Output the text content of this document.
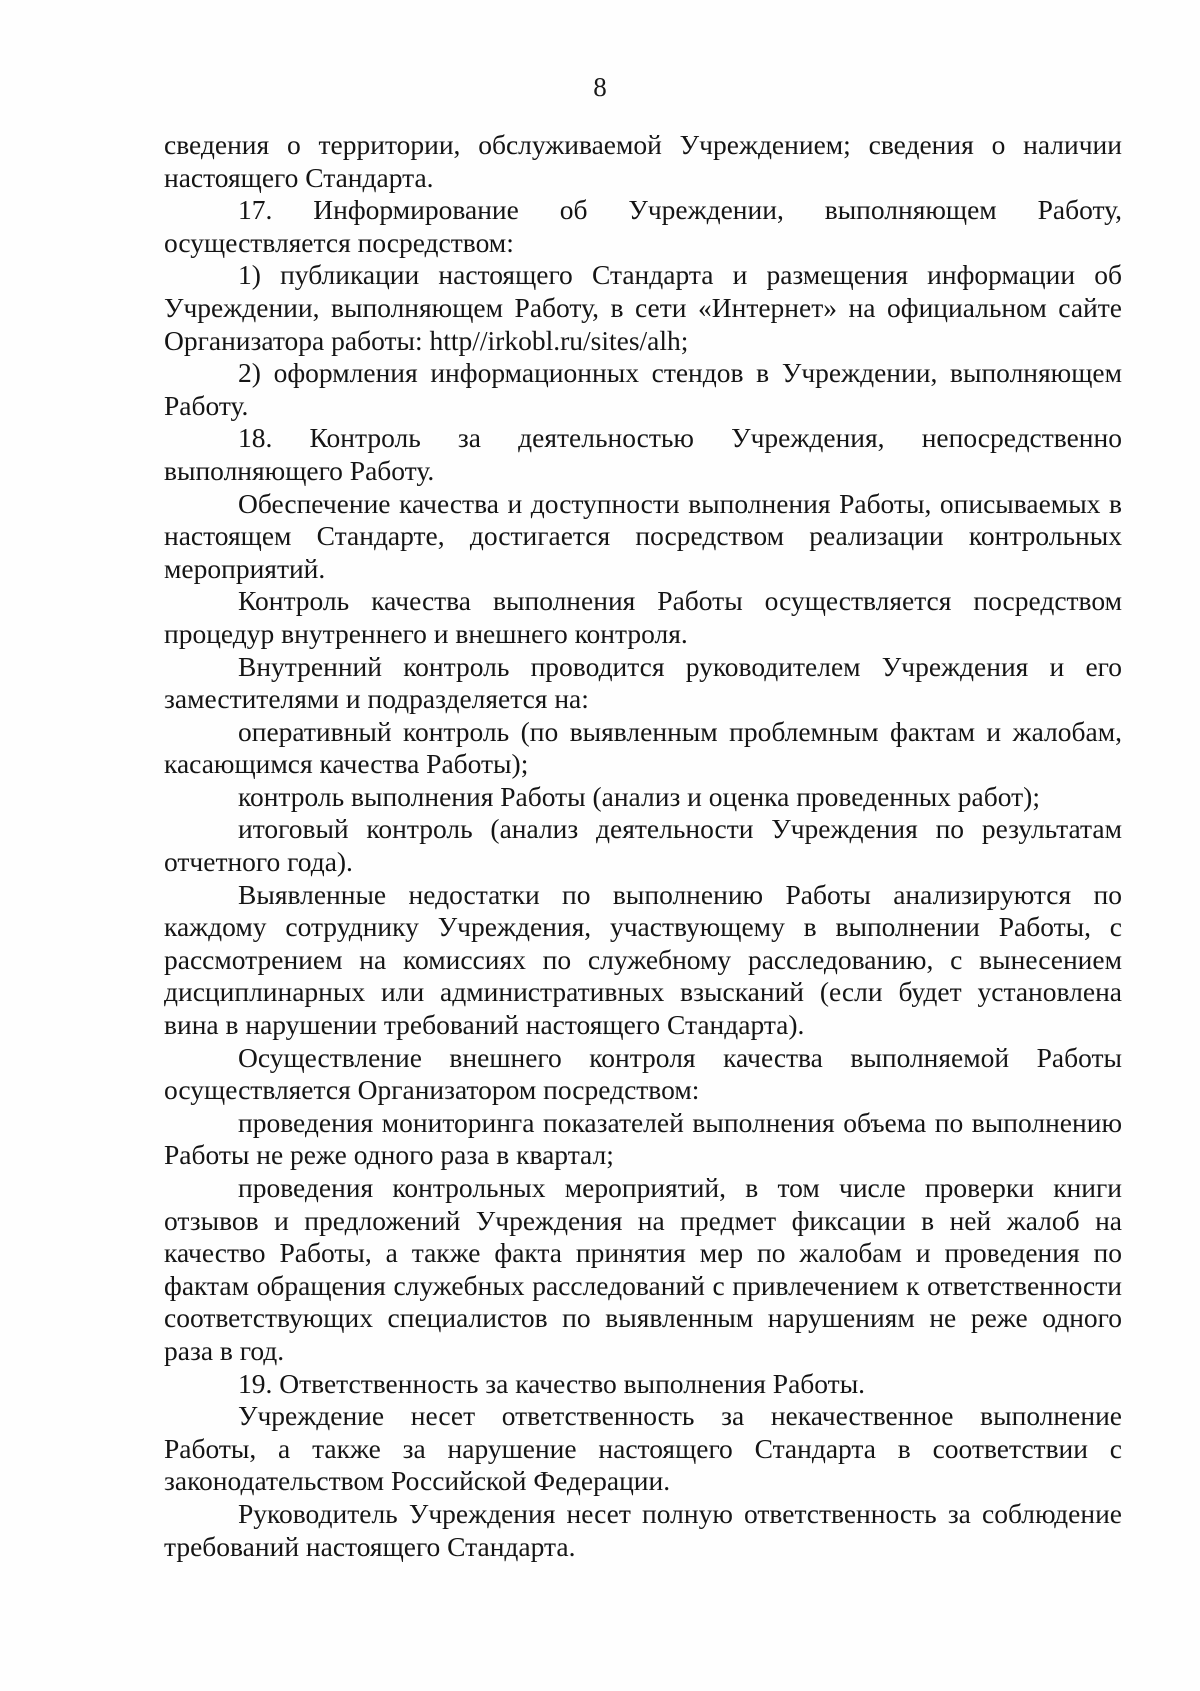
8

сведения о территории, обслуживаемой Учреждением; сведения о наличии настоящего Стандарта.

17. Информирование об Учреждении, выполняющем Работу, осуществляется посредством:

1) публикации настоящего Стандарта и размещения информации об Учреждении, выполняющем Работу, в сети «Интернет» на официальном сайте Организатора работы: http//irkobl.ru/sites/alh;

2) оформления информационных стендов в Учреждении, выполняющем Работу.

18. Контроль за деятельностью Учреждения, непосредственно выполняющего Работу.

Обеспечение качества и доступности выполнения Работы, описываемых в настоящем Стандарте, достигается посредством реализации контрольных мероприятий.

Контроль качества выполнения Работы осуществляется посредством процедур внутреннего и внешнего контроля.

Внутренний контроль проводится руководителем Учреждения и его заместителями и подразделяется на:

оперативный контроль (по выявленным проблемным фактам и жалобам, касающимся качества Работы);

контроль выполнения Работы (анализ и оценка проведенных работ);

итоговый контроль (анализ деятельности Учреждения по результатам отчетного года).

Выявленные недостатки по выполнению Работы анализируются по каждому сотруднику Учреждения, участвующему в выполнении Работы, с рассмотрением на комиссиях по служебному расследованию, с вынесением дисциплинарных или административных взысканий (если будет установлена вина в нарушении требований настоящего Стандарта).

Осуществление внешнего контроля качества выполняемой Работы осуществляется Организатором посредством:

проведения мониторинга показателей выполнения объема по выполнению Работы не реже одного раза в квартал;

проведения контрольных мероприятий, в том числе проверки книги отзывов и предложений Учреждения на предмет фиксации в ней жалоб на качество Работы, а также факта принятия мер по жалобам и проведения по фактам обращения служебных расследований с привлечением к ответственности соответствующих специалистов по выявленным нарушениям не реже одного раза в год.

19. Ответственность за качество выполнения Работы.

Учреждение несет ответственность за некачественное выполнение Работы, а также за нарушение настоящего Стандарта в соответствии с законодательством Российской Федерации.

Руководитель Учреждения несет полную ответственность за соблюдение требований настоящего Стандарта.
